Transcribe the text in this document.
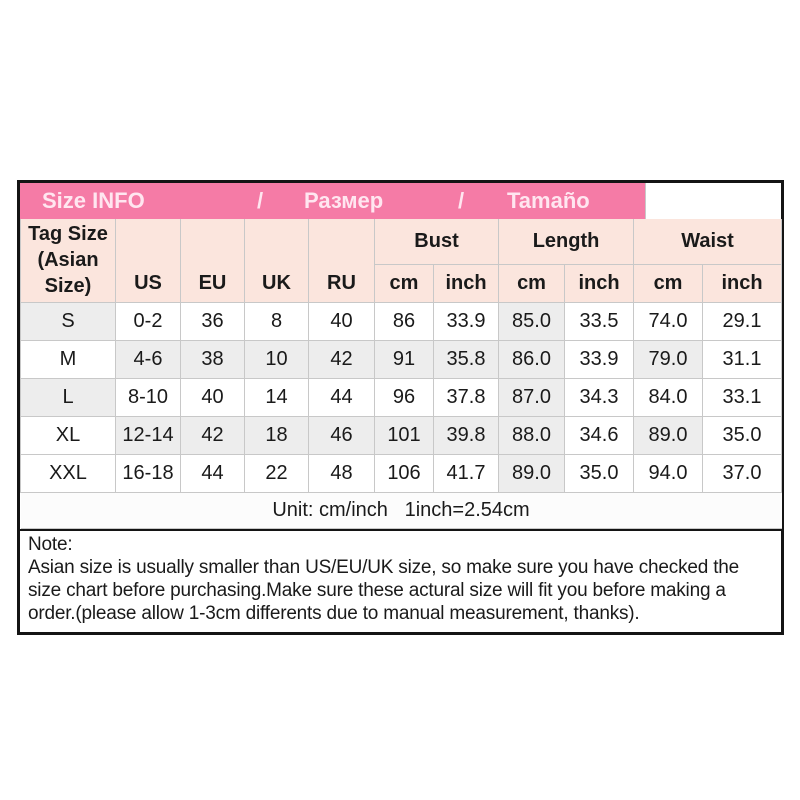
Size INFO	/ Размер	/ Tamaño
Tag Size
(Asian
Size)	US	EU	UK	RU	Bust		Length		Waist	
					cm	inch	cm	inch	cm	inch
S	0-2	36	8	40	86	33.9	85.0	33.5	74.0	29.1
M	4-6	38	10	42	91	35.8	86.0	33.9	79.0	31.1
L	8-10	40	14	44	96	37.8	87.0	34.3	84.0	33.1
XL	12-14	42	18	46	101	39.8	88.0	34.6	89.0	35.0
XXL	16-18	44	22	48	106	41.7	89.0	35.0	94.0	37.0
Unit: cm/inch   1inch=2.54cm										
Note:
Asian size is usually smaller than US/EU/UK size, so make sure you have checked the
size chart before purchasing.Make sure these actural size will fit you before making a
order.(please allow 1-3cm differents due to manual measurement, thanks).
